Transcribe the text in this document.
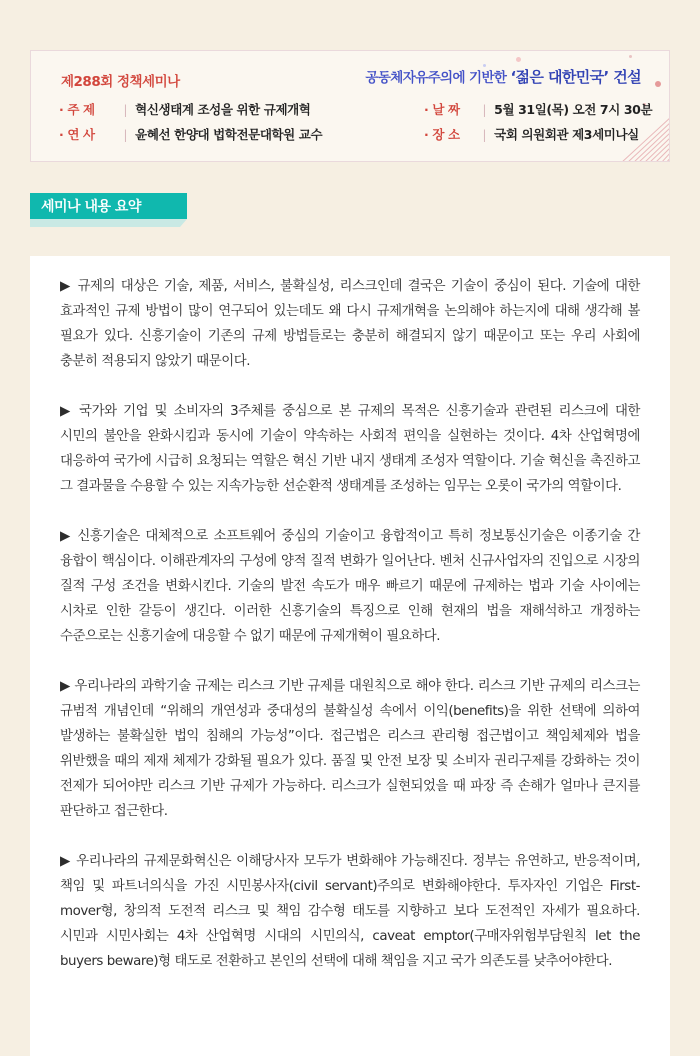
제288회 정책세미나	공동체자유주의에 기반한 ‘젊은 대한민국’ 건설
· 주 제 | 혁신생태계 조성을 위한 규제개혁
· 연 사 | 윤혜선 한양대 법학전문대학원 교수
· 날 짜 | 5월 31일(목) 오전 7시 30분
· 장 소 | 국회 의원회관 제3세미나실
세미나 내용 요약

▶ 규제의 대상은 기술, 제품, 서비스, 불확실성, 리스크인데 결국은 기술이 중심이 된다. 기술에 대한 효과적인 규제 방법이 많이 연구되어 있는데도 왜 다시 규제개혁을 논의해야 하는지에 대해 생각해 볼 필요가 있다. 신흥기술이 기존의 규제 방법들로는 충분히 해결되지 않기 때문이고 또는 우리 사회에 충분히 적용되지 않았기 때문이다.

▶ 국가와 기업 및 소비자의 3주체를 중심으로 본 규제의 목적은 신흥기술과 관련된 리스크에 대한 시민의 불안을 완화시킴과 동시에 기술이 약속하는 사회적 편익을 실현하는 것이다. 4차 산업혁명에 대응하여 국가에 시급히 요청되는 역할은 혁신 기반 내지 생태계 조성자 역할이다. 기술 혁신을 촉진하고 그 결과물을 수용할 수 있는 지속가능한 선순환적 생태계를 조성하는 임무는 오롯이 국가의 역할이다.

▶ 신흥기술은 대체적으로 소프트웨어 중심의 기술이고 융합적이고 특히 정보통신기술은 이종기술 간 융합이 핵심이다. 이해관계자의 구성에 양적 질적 변화가 일어난다. 벤처 신규사업자의 진입으로 시장의 질적 구성 조건을 변화시킨다. 기술의 발전 속도가 매우 빠르기 때문에 규제하는 법과 기술 사이에는 시차로 인한 갈등이 생긴다. 이러한 신흥기술의 특징으로 인해 현재의 법을 재해석하고 개정하는 수준으로는 신흥기술에 대응할 수 없기 때문에 규제개혁이 필요하다.

▶ 우리나라의 과학기술 규제는 리스크 기반 규제를 대원칙으로 해야 한다. 리스크 기반 규제의 리스크는 규범적 개념인데 “위해의 개연성과 중대성의 불확실성 속에서 이익(benefits)을 위한 선택에 의하여 발생하는 불확실한 법익 침해의 가능성”이다. 접근법은 리스크 관리형 접근법이고 책임체제와 법을 위반했을 때의 제재 체제가 강화될 필요가 있다. 품질 및 안전 보장 및 소비자 권리구제를 강화하는 것이 전제가 되어야만 리스크 기반 규제가 가능하다. 리스크가 실현되었을 때 파장 즉 손해가 얼마나 큰지를 판단하고 접근한다.

▶ 우리나라의 규제문화혁신은 이해당사자 모두가 변화해야 가능해진다. 정부는 유연하고, 반응적이며, 책임 및 파트너의식을 가진 시민봉사자(civil servant)주의로 변화해야한다. 투자자인 기업은 First-mover형, 창의적 도전적 리스크 및 책임 감수형 태도를 지향하고 보다 도전적인 자세가 필요하다. 시민과 시민사회는 4차 산업혁명 시대의 시민의식, caveat emptor(구매자위험부담원칙 let the buyers beware)형 태도로 전환하고 본인의 선택에 대해 책임을 지고 국가 의존도를 낮추어야한다.
